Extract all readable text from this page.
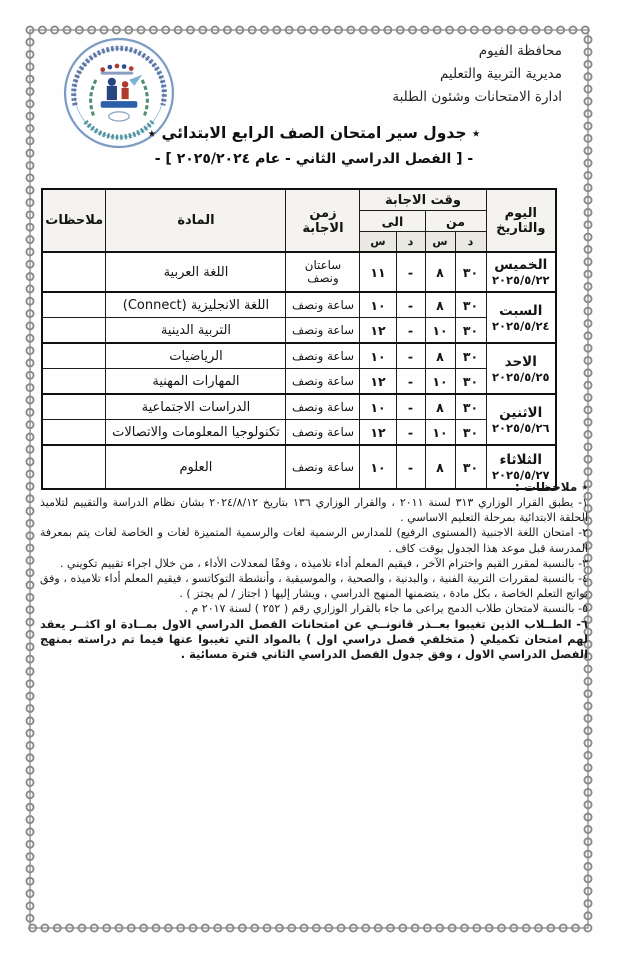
محافظة الفيوم
مديرية التربية والتعليم
ادارة الامتحانات وشئون الطلبة
٭ جدول سير امتحان الصف الرابع الابتدائي ٭
- [ الفصل الدراسي الثاني - عام ٢٠٢٥/٢٠٢٤ ] -
اليوم والتاريخ	وقت الاجابة				زمن الاجابة	المادة	ملاحظات
	من		الى				
	د	س	د	س			

الخميس
٢٠٢٥/٥/٢٢	٣٠	٨	-	١١	ساعتان ونصف	اللغة العربية	

السبت
٢٠٢٥/٥/٢٤	٣٠	٨	-	١٠	ساعة ونصف	اللغة الانجليزية (Connect)	
	٣٠	١٠	-	١٢	ساعة ونصف	التربية الدينية	

الاحد
٢٠٢٥/٥/٢٥	٣٠	٨	-	١٠	ساعة ونصف	الرياضيات	
	٣٠	١٠	-	١٢	ساعة ونصف	المهارات المهنية	

الاثنين
٢٠٢٥/٥/٢٦	٣٠	٨	-	١٠	ساعة ونصف	الدراسات الاجتماعية	
	٣٠	١٠	-	١٢	ساعة ونصف	تكنولوجيا المعلومات والاتصالات	

الثلاثاء
٢٠٢٥/٥/٢٧	٣٠	٨	-	١٠	ساعة ونصف	العلوم	
٭ ملاحظات :
١- يطبق القرار الوزاري ٣١٣ لسنة ٢٠١١ ، والقرار الوزاري ١٣٦ بتاريخ ٢٠٢٤/٨/١٢ بشان نظام الدراسة والتقييم لتلاميذ الحلقة الابتدائية بمرحلة التعليم الاساسي .
٢- امتحان اللغة الاجنبية (المستوى الرفيع) للمدارس الرسمية لغات والرسمية المتميزة لغات و الخاصة لغات يتم بمعرفة المدرسة قبل موعد هذا الجدول بوقت كاف .
٣- بالنسبة لمقرر القيم واحترام الآخر ، فيقيم المعلم أداء تلاميذه ، وفقًا لمعدلات الأداء ، من خلال اجراء تقييم تكويني .
٤- بالنسبة لمقررات التربية الفنية ، والبدنية ، والصحية ، والموسيقية ، وأنشطة التوكاتسو ، فيقيم المعلم أداء تلاميذه ، وفق نواتج التعلم الخاصة ، بكل مادة ، يتضمنها المنهج الدراسي ، ويشار إليها ( اجتاز / لم يجتز ) .
٥- بالنسبة لامتحان طلاب الدمج يراعى ما جاء بالقرار الوزاري رقم ( ٢٥٢ ) لسنة ٢٠١٧ م .
٦- الطــلاب الذين تغيبوا بعــذر قانونــي عن امتحانات الفصل الدراسي الاول بمــادة او اكثــر يعقد لهم امتحان تكميلي ( متخلفي فصل دراسي اول ) بالمواد التي تغيبوا عنها فيما تم دراسته بمنهج الفصل الدراسي الاول ، وفق جدول الفصل الدراسي الثاني فترة مسائية .
